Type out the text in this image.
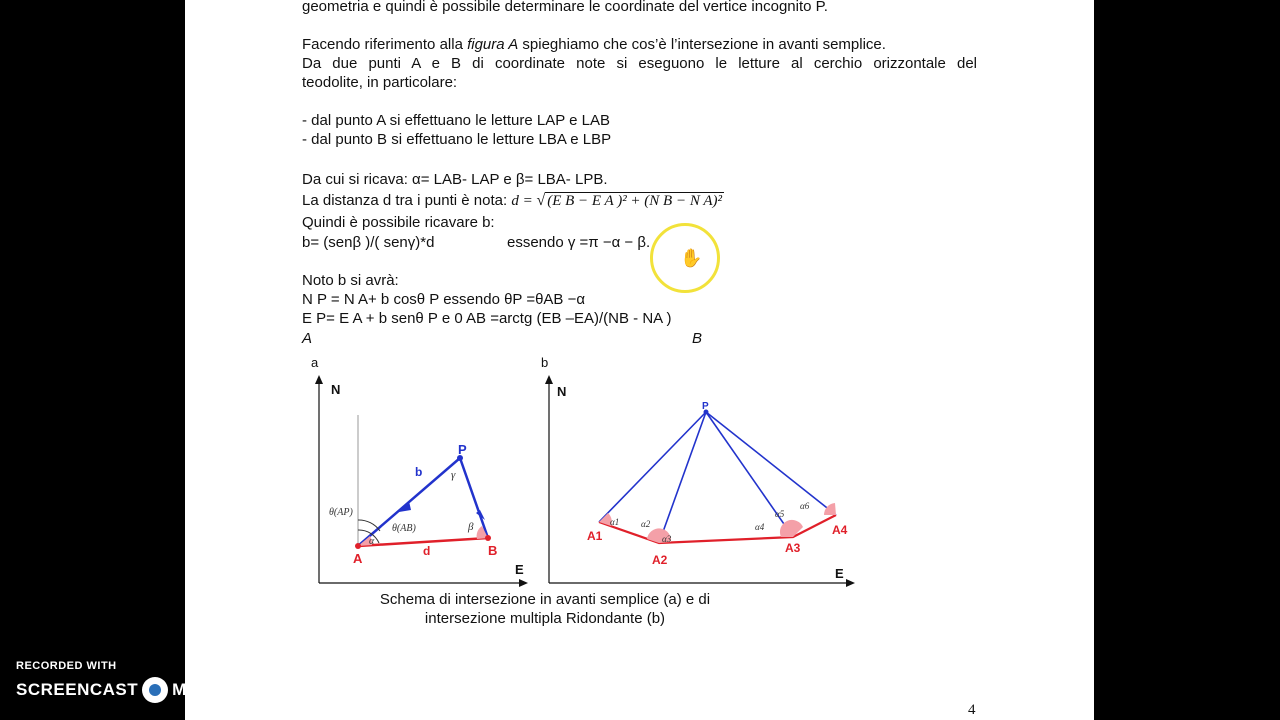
geometria e quindi è possibile determinare le coordinate del vertice incognito P.
Facendo riferimento alla figura A spieghiamo che cos’è l’intersezione in avanti semplice.
Da due punti A e B di coordinate note si eseguono le letture al cerchio orizzontale del
teodolite, in particolare:
- dal punto A si effettuano le letture LAP e LAB
- dal punto B si effettuano le letture LBA e LBP
Da cui si ricava: α= LAB- LAP e β= LBA- LPB.
La distanza d tra i punti è nota: d = √ (E B − E A )² + (N B − N A)²
Quindi è possibile ricavare b:
b= (senβ )/( senγ)*d	essendo γ =π −α − β.
Noto b si avrà:
N P = N A+ b cosθ P essendo θP =θAB −α
E P= E A + b senθ P e 0 AB =arctg (EB –EA)/(NB - NA )
A	B
a
N
E
A
B
P
b
d
α
β
γ
θ(AP)
θ(AB)
b
N
E
P
A1
A2
A3
A4
α1 α2
α3
α4
α5
α6
Schema di intersezione in avanti semplice (a) e di
intersezione multipla Ridondante (b)
4
✋
RECORDED WITH
SCREENCAST MATIC
